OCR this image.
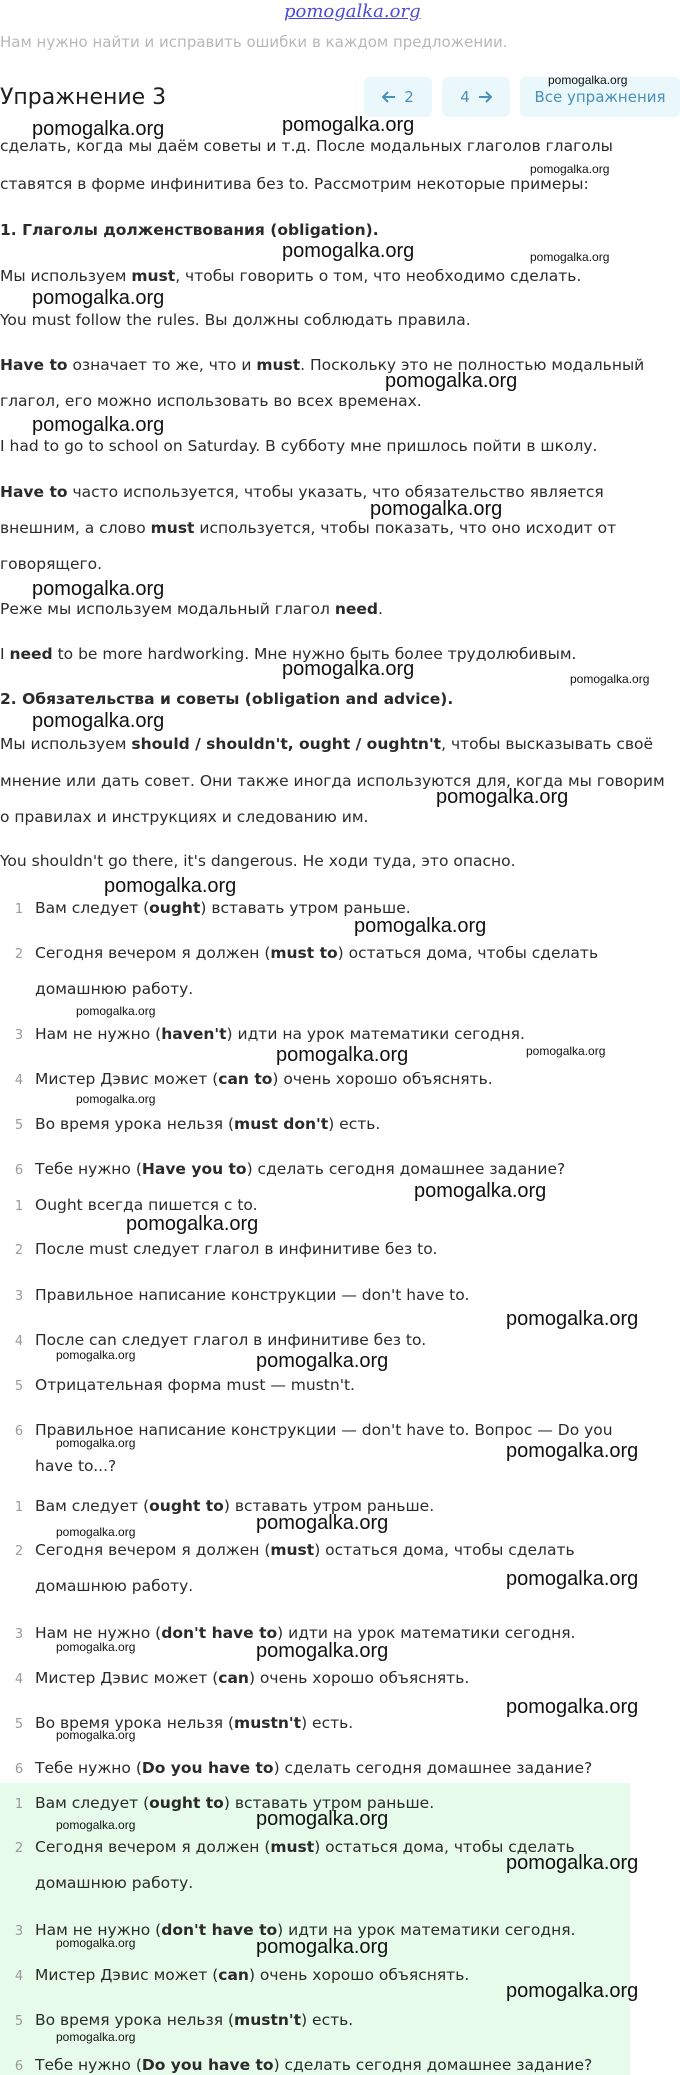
pomogalka.org
Нам нужно найти и исправить ошибки в каждом предложении.
Упражнение 3	2	4	Все упражнения
сделать, когда мы даём советы и т.д. После модальных глаголов глаголы
ставятся в форме инфинитива без to. Рассмотрим некоторые примеры:
1. Глаголы долженствования (obligation).
Мы используем must, чтобы говорить о том, что необходимо сделать.
You must follow the rules. Вы должны соблюдать правила.
Have to означает то же, что и must. Поскольку это не полностью модальный
глагол, его можно использовать во всех временах.
I had to go to school on Saturday. В субботу мне пришлось пойти в школу.
Have to часто используется, чтобы указать, что обязательство является
внешним, а слово must используется, чтобы показать, что оно исходит от
говорящего.
Реже мы используем модальный глагол need.
I need to be more hardworking. Мне нужно быть более трудолюбивым.
2. Обязательства и советы (obligation and advice).
Мы используем should / shouldn't, ought / oughtn't, чтобы высказывать своё
мнение или дать совет. Они также иногда используются для, когда мы говорим
о правилах и инструкциях и следованию им.
You shouldn't go there, it's dangerous. Не ходи туда, это опасно.
1 Вам следует (ought) вставать утром раньше.
2 Сегодня вечером я должен (must to) остаться дома, чтобы сделать
домашнюю работу.
3 Нам не нужно (haven't) идти на урок математики сегодня.
4 Мистер Дэвис может (can to) очень хорошо объяснять.
5 Во время урока нельзя (must don't) есть.
6 Тебе нужно (Have you to) сделать сегодня домашнее задание?
1 Ought всегда пишется с to.
2 После must следует глагол в инфинитиве без to.
3 Правильное написание конструкции — don't have to.
4 После can следует глагол в инфинитиве без to.
5 Отрицательная форма must — mustn't.
6 Правильное написание конструкции — don't have to. Вопрос — Do you
have to...?
1 Вам следует (ought to) вставать утром раньше.
2 Сегодня вечером я должен (must) остаться дома, чтобы сделать
домашнюю работу.
3 Нам не нужно (don't have to) идти на урок математики сегодня.
4 Мистер Дэвис может (can) очень хорошо объяснять.
5 Во время урока нельзя (mustn't) есть.
6 Тебе нужно (Do you have to) сделать сегодня домашнее задание?
1 Вам следует (ought to) вставать утром раньше.
2 Сегодня вечером я должен (must) остаться дома, чтобы сделать
домашнюю работу.
3 Нам не нужно (don't have to) идти на урок математики сегодня.
4 Мистер Дэвис может (can) очень хорошо объяснять.
5 Во время урока нельзя (mustn't) есть.
6 Тебе нужно (Do you have to) сделать сегодня домашнее задание?
pomogalka.org
pomogalka.org	pomogalka.org
pomogalka.org
pomogalka.org	pomogalka.org
pomogalka.org
pomogalka.org
pomogalka.org
pomogalka.org
pomogalka.org
pomogalka.org	pomogalka.org
pomogalka.org
pomogalka.org
pomogalka.org
pomogalka.org
pomogalka.org
pomogalka.org	pomogalka.org
pomogalka.org
pomogalka.org
pomogalka.org
pomogalka.org
pomogalka.org	pomogalka.org
pomogalka.org	pomogalka.org
pomogalka.org	pomogalka.org
pomogalka.org
pomogalka.org	pomogalka.org
pomogalka.org
pomogalka.org
pomogalka.org	pomogalka.org
pomogalka.org
pomogalka.org	pomogalka.org
pomogalka.org
pomogalka.org
